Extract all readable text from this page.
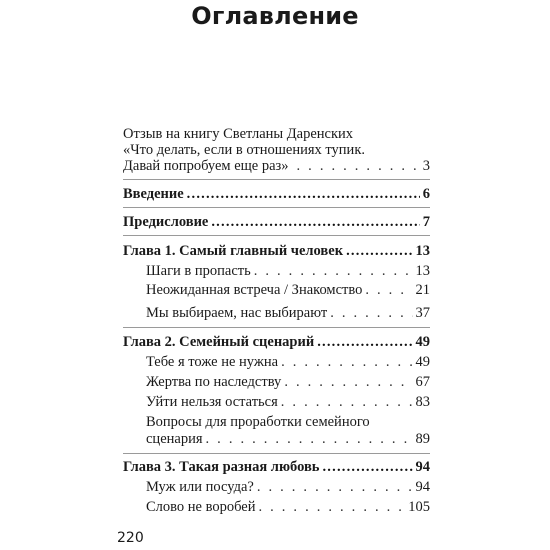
Оглавление
Отзыв на книгу Светланы Даренских
«Что делать, если в отношениях тупик.
Давай попробуем еще раз» . . .	3
Введение .....	6
Предисловие .....	7
Глава 1. Самый главный человек .....	13
Шаги в пропасть . . .	13
Неожиданная встреча / Знакомство . . .	21
Мы выбираем, нас выбирают . . .	37
Глава 2. Семейный сценарий .....	49
Тебе я тоже не нужна . . .	49
Жертва по наследству . . .	67
Уйти нельзя остаться . . .	83
Вопросы для проработки семейного
сценария . . .	89
Глава 3. Такая разная любовь .....	94
Муж или посуда? . . .	94
Слово не воробей . . .	105
220
